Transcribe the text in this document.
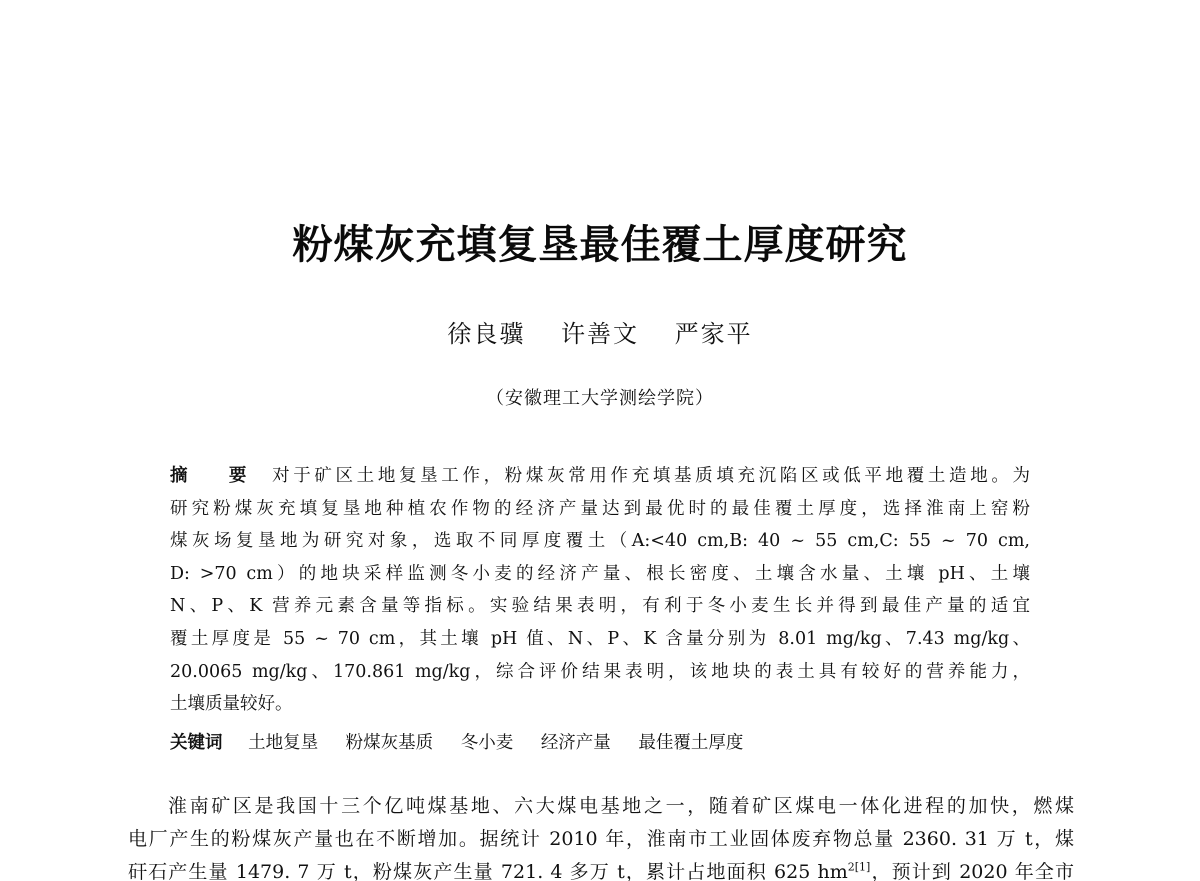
粉煤灰充填复垦最佳覆土厚度研究
徐良骥 许善文 严家平
（安徽理工大学测绘学院）
摘 要 对于矿区土地复垦工作，粉煤灰常用作充填基质填充沉陷区或低平地覆土造地。为
研究粉煤灰充填复垦地种植农作物的经济产量达到最优时的最佳覆土厚度，选择淮南上窑粉
煤灰场复垦地为研究对象，选取不同厚度覆土（A:<40 cm,B: 40 ~ 55 cm,C: 55 ~ 70 cm,
D: >70 cm）的地块采样监测冬小麦的经济产量、根长密度、土壤含水量、土壤 pH、土壤
N、P、K 营养元素含量等指标。实验结果表明，有利于冬小麦生长并得到最佳产量的适宜
覆土厚度是 55 ~ 70 cm，其土壤 pH 值、N、P、K 含量分别为 8.01 mg/kg、7.43 mg/kg、
20.0065 mg/kg、170.861 mg/kg，综合评价结果表明，该地块的表土具有较好的营养能力，
土壤质量较好。
关键词 土地复垦 粉煤灰基质 冬小麦 经济产量 最佳覆土厚度
淮南矿区是我国十三个亿吨煤基地、六大煤电基地之一，随着矿区煤电一体化进程的加快，燃煤
电厂产生的粉煤灰产量也在不断增加。据统计 2010 年，淮南市工业固体废弃物总量 2360. 31 万 t，煤
矸石产生量 1479. 7 万 t，粉煤灰产生量 721. 4 多万 t，累计占地面积 625 $hm^{2[1]}$，预计到 2020 年全市
